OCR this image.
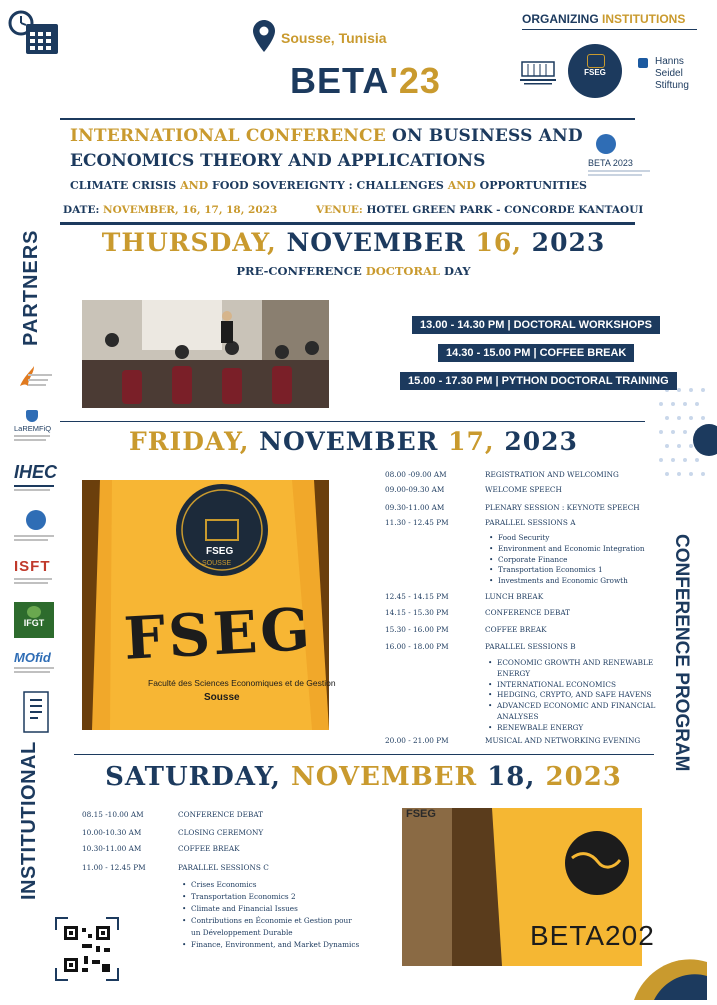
Sousse, Tunisia
BETA'23
ORGANIZING INSTITUTIONS
FSEG
Hanns Seidel Stiftung
INTERNATIONAL CONFERENCE ON BUSINESS AND
ECONOMICS THEORY AND APPLICATIONS
CLIMATE CRISIS AND FOOD SOVEREIGNTY : CHALLENGES AND OPPORTUNITIES
DATE: NOVEMBER, 16, 17, 18, 2023	VENUE: HOTEL GREEN PARK - CONCORDE KANTAOUI
BETA 2023
PARTNERS
LaREMFiQ
IHEC
ISFT
IFGT
MOfid
INSTITUTIONAL
CONFERENCE PROGRAM
THURSDAY, NOVEMBER 16, 2023
PRE-CONFERENCE DOCTORAL DAY
13.00 - 14.30 PM | DOCTORAL WORKSHOPS
14.30 - 15.00 PM | COFFEE BREAK
15.00 - 17.30 PM | PYTHON DOCTORAL TRAINING
FRIDAY, NOVEMBER 17, 2023
FSEG
SOUSSE
FSEG
Faculté des Sciences Economiques et de Gestion
Sousse
08.00 -09.00 AM	REGISTRATION AND WELCOMING
09.00-09.30 AM	WELCOME SPEECH
09.30-11.00 AM	PLENARY SESSION : KEYNOTE SPEECH
11.30 - 12.45 PM	PARALLEL SESSIONS A
12.45 - 14.15 PM	LUNCH BREAK
14.15 - 15.30 PM	CONFERENCE DEBAT
15.30 - 16.00 PM	COFFEE BREAK
16.00 - 18.00 PM	PARALLEL SESSIONS B
20.00 - 21.00 PM	MUSICAL AND NETWORKING EVENING
• Food Security
• Environment and Economic Integration
• Corporate Finance
• Transportation Economics 1
• Investments and Economic Growth
• ECONOMIC GROWTH AND RENEWABLE
ENERGY
• INTERNATIONAL ECONOMICS
• HEDGING, CRYPTO, AND SAFE HAVENS
• ADVANCED ECONOMIC AND FINANCIAL
ANALYSES
• RENEWBALE ENERGY
SATURDAY, NOVEMBER 18, 2023
08.15 -10.00 AM	CONFERENCE DEBAT
10.00-10.30 AM	CLOSING CEREMONY
10.30-11.00 AM	COFFEE BREAK
11.00 - 12.45 PM	PARALLEL SESSIONS C
• Crises Economics
• Transportation Economics 2
• Climate and Financial Issues
• Contributions en Économie et Gestion pour
un Développement Durable
• Finance, Environment, and Market Dynamics
FSEG
BETA202
